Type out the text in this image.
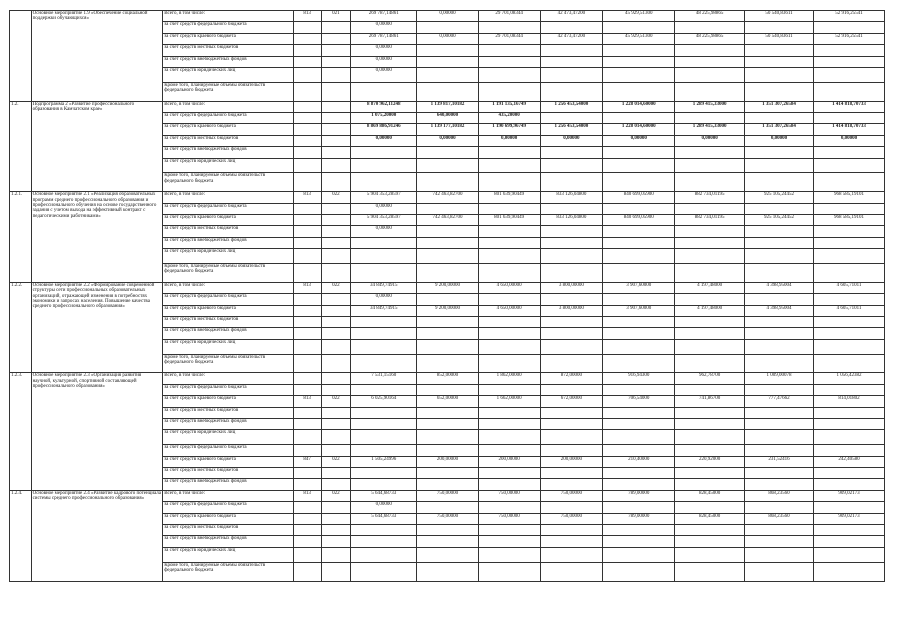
	Основное мероприятие 1.9 «Обеспечение социальной поддержки обучающихся»	Всего, в том числе:	813	021	269 787,14861	0,00000	29 701,08344	42 473,47200	45 929,51300	48 225,98865	50 540,83611	52 916,25541
		за счет средств федерального бюджета			0,00000							
		за счет средств краевого бюджета			269 787,14861	0,00000	29 701,08344	42 473,47200	45 929,51300	48 225,98865	50 540,83611	52 916,25541
		за счет средств местных бюджетов			0,00000							
		за счет средств внебюджетных фондов			0,00000							
		за счет средств юридических лиц			0,00000							
		Кроме того, планируемые объемы обязательств федерального бюджета										
1.2.	Подпрограмма 2 «Развитие профессионального образования в Камчатском крае»	Всего, в том числе:			8 870 962,11248	1 139 817,10182	1 191 135,16749	1 256 453,54000	1 228 014,60000	1 289 415,33000	1 351 307,26584	1 414 818,70733
		за счет средств федерального бюджета			1 075,20000	640,00000	435,20000					
		за счет средств краевого бюджета			8 869 886,91246	1 139 177,10182	1 190 699,96749	1 256 453,54000	1 228 014,60000	1 289 415,33000	1 351 307,26584	1 414 818,70733
		за счет средств местных бюджетов			0,00000	0,00000	0,00000	0,00000	0,00000	0,00000	0,00000	0,00000
		за счет средств внебюджетных фондов										
		за счет средств юридических лиц										
		Кроме того, планируемые объемы обязательств федерального бюджета										
1.2.1.	Основное мероприятие 2.1 «Реализация образовательных программ среднего профессионального образования и профессионального обучения на основе государственного задания с учетом выхода на эффективный контракт с педагогическими работниками»	Всего, в том числе:	813	022	5 904 353,28597	742 463,82700	801 639,90449	833 126,04800	840 699,05900	882 734,01195	925 105,24452	968 585,19101
		за счет средств федерального бюджета			0,00000							
		за счет средств краевого бюджета			5 904 353,28597	742 463,82700	801 639,90449	833 126,04800	840 699,05900	882 734,01195	925 105,24452	968 585,19101
		за счет средств местных бюджетов			0,00000							
		за счет средств внебюджетных фондов										
		за счет средств юридических лиц										
		Кроме того, планируемые объемы обязательств федерального бюджета										
1.2.2.	Основное мероприятие 2.2 «Формирование современной структуры сети профессиональных образовательных организаций, отражающей изменения в потребностях экономики и запросах населения. Повышение качества среднего профессионального образования»	Всего, в том числе:	813	022	34 849,74915	9 200,00000	4 650,00000	3 800,00000	3 907,60000	4 197,48000	4 398,95004	4 605,71011
		за счет средств федерального бюджета			0,00000							
		за счет средств краевого бюджета			34 849,74915	9 200,00000	4 650,00000	3 800,00000	3 907,60000	4 197,48000	4 398,95004	4 605,71011
		за счет средств местных бюджетов										
		за счет средств внебюджетных фондов										
		за счет средств юридических лиц										
		Кроме того, планируемые объемы обязательств федерального бюджета										
1.2.3.	Основное мероприятие 2.3 «Организация развития научной, культурной, спортивной составляющей профессионального образования»	Всего, в том числе:			7 531,15160	852,00000	1 862,00000	872,00000	916,94300	962,78700	1 009,00078	1 056,42382
		за счет средств федерального бюджета										
		за счет средств краевого бюджета	813	022	6 025,90164	652,00000	1 662,00000	672,00000	706,54000	741,86700	777,47662	814,01802
		за счет средств местных бюджетов										
		за счет средств внебюджетных фондов										
		за счет средств юридических лиц										
		за счет средств федерального бюджета										
		за счет средств краевого бюджета	847	022	1 505,24996	200,00000	200,00000	200,00000	210,40000	220,92000	231,52416	242,40580
		за счет средств местных бюджетов										
		за счет средств внебюджетных фондов										
1.2.4.	Основное мероприятие 2.4 «Развитие кадрового потенциала системы среднего профессионального образования»	Всего, в том числе:	813	022	5 644,68733	750,00000	750,00000	750,00000	789,00000	828,45000	868,23560	909,02173
		за счет средств федерального бюджета			0,00000							
		за счет средств краевого бюджета			5 644,68733	750,00000	750,00000	750,00000	789,00000	828,45000	868,23560	909,02173
		за счет средств местных бюджетов										
		за счет средств внебюджетных фондов										
		за счет средств юридических лиц										
		Кроме того, планируемые объемы обязательств федерального бюджета										
